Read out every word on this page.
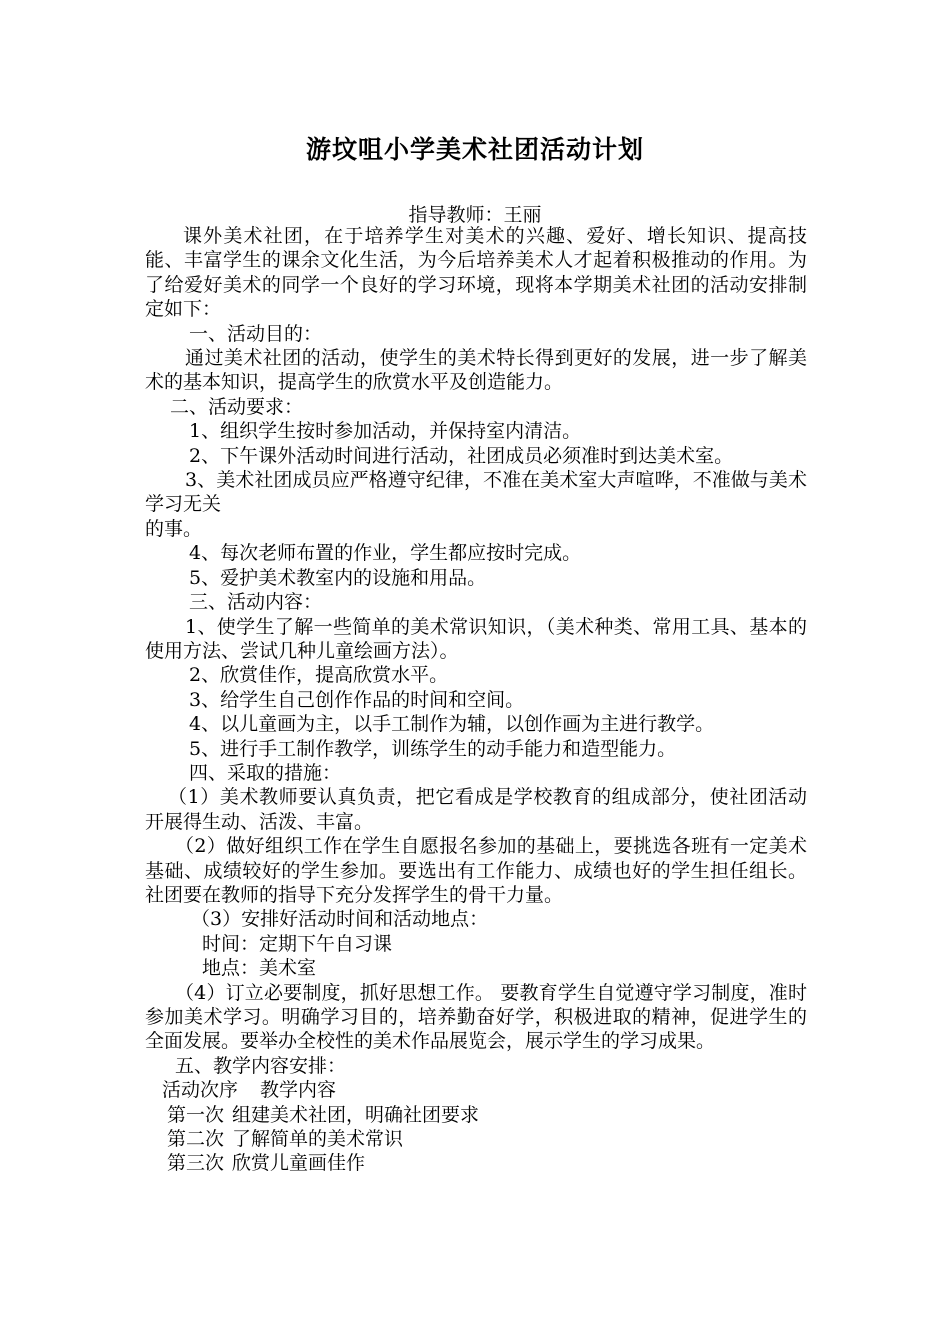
游坟咀小学美术社团活动计划
指导教师：王丽

课外美术社团，在于培养学生对美术的兴趣、爱好、增长知识、提高技能、丰富学生的课余文化生活，为今后培养美术人才起着积极推动的作用。为了给爱好美术的同学一个良好的学习环境，现将本学期美术社团的活动安排制定如下：

一、活动目的：

通过美术社团的活动，使学生的美术特长得到更好的发展，进一步了解美术的基本知识，提高学生的欣赏水平及创造能力。

二、活动要求：

1、组织学生按时参加活动，并保持室内清洁。

2、下午课外活动时间进行活动，社团成员必须准时到达美术室。

3、美术社团成员应严格遵守纪律，不准在美术室大声喧哗，不准做与美术学习无关

的事。

4、每次老师布置的作业，学生都应按时完成。

5、爱护美术教室内的设施和用品。

三、活动内容：

1、使学生了解一些简单的美术常识知识，（美术种类、常用工具、基本的使用方法、尝试几种儿童绘画方法）。

2、欣赏佳作，提高欣赏水平。

3、给学生自己创作作品的时间和空间。

4、以儿童画为主，以手工制作为辅，以创作画为主进行教学。

5、进行手工制作教学，训练学生的动手能力和造型能力。

四、采取的措施：

（1）美术教师要认真负责，把它看成是学校教育的组成部分，使社团活动开展得生动、活泼、丰富。

（2）做好组织工作在学生自愿报名参加的基础上，要挑选各班有一定美术基础、成绩较好的学生参加。要选出有工作能力、成绩也好的学生担任组长。社团要在教师的指导下充分发挥学生的骨干力量。

（3）安排好活动时间和活动地点：

时间：定期下午自习课

地点：美术室

（4）订立必要制度，抓好思想工作。 要教育学生自觉遵守学习制度，准时参加美术学习。明确学习目的，培养勤奋好学，积极进取的精神，促进学生的全面发展。要举办全校性的美术作品展览会，展示学生的学习成果。

五、教学内容安排：

活动次序 教学内容

第一次 组建美术社团，明确社团要求

第二次 了解简单的美术常识

第三次 欣赏儿童画佳作
